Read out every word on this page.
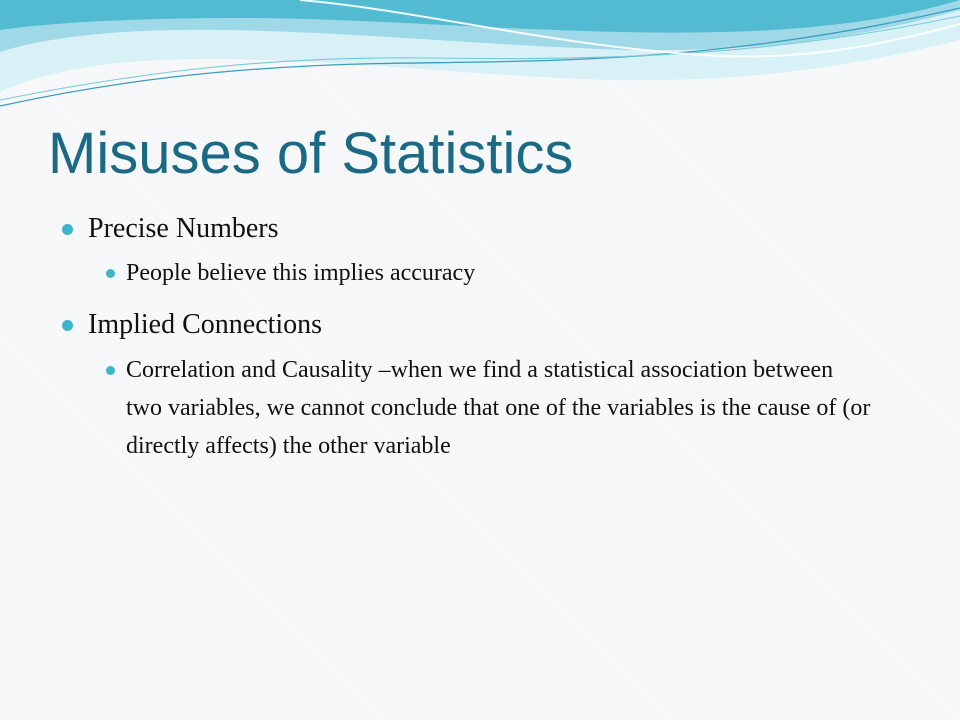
Misuses of Statistics
Precise Numbers
People believe this implies accuracy
Implied Connections
Correlation and Causality –when we find a statistical association between two variables, we cannot conclude that one of the variables is the cause of (or directly affects) the other variable
